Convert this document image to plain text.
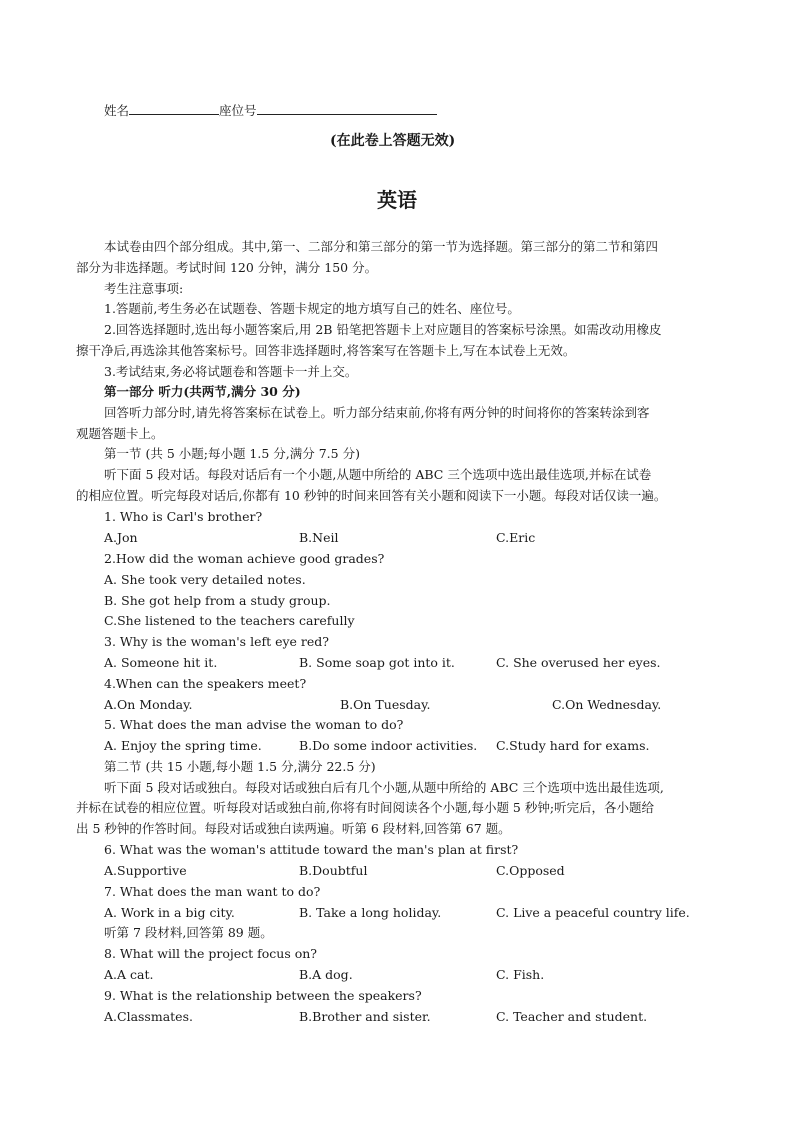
姓名	座位号
(在此卷上答题无效)
英语
本试卷由四个部分组成。其中,第一、二部分和第三部分的第一节为选择题。第三部分的第二节和第四
部分为非选择题。考试时间 120 分钟，满分 150 分。
考生注意事项:
1.答题前,考生务必在试题卷、答题卡规定的地方填写自己的姓名、座位号。
2.回答选择题时,选出每小题答案后,用 2B 铅笔把答题卡上对应题目的答案标号涂黑。如需改动用橡皮
擦干净后,再选涂其他答案标号。回答非选择题时,将答案写在答题卡上,写在本试卷上无效。
3.考试结束,务必将试题卷和答题卡一并上交。
第一部分 听力(共两节,满分 30 分)
回答听力部分时,请先将答案标在试卷上。听力部分结束前,你将有两分钟的时间将你的答案转涂到客
观题答题卡上。
第一节 (共 5 小题;每小题 1.5 分,满分 7.5 分)
听下面 5 段对话。每段对话后有一个小题,从题中所给的 ABC 三个选项中选出最佳选项,并标在试卷
的相应位置。听完每段对话后,你都有 10 秒钟的时间来回答有关小题和阅读下一小题。每段对话仅读一遍。
1. Who is Carl's brother?
A.Jon	B.Neil	C.Eric
2.How did the woman achieve good grades?
A. She took very detailed notes.
B. She got help from a study group.
C.She listened to the teachers carefully
3. Why is the woman's left eye red?
A. Someone hit it.	B. Some soap got into it.	C. She overused her eyes.
4.When can the speakers meet?
A.On Monday.	B.On Tuesday.	C.On Wednesday.
5. What does the man advise the woman to do?
A. Enjoy the spring time.	B.Do some indoor activities. C.Study hard for exams.
第二节 (共 15 小题,每小题 1.5 分,满分 22.5 分)
听下面 5 段对话或独白。每段对话或独白后有几个小题,从题中所给的 ABC 三个选项中选出最佳选项,
并标在试卷的相应位置。听每段对话或独白前,你将有时间阅读各个小题,每小题 5 秒钟;听完后，各小题给
出 5 秒钟的作答时间。每段对话或独白读两遍。听第 6 段材料,回答第 67 题。
6. What was the woman's attitude toward the man's plan at first?
A.Supportive	B.Doubtful	C.Opposed
7. What does the man want to do?
A. Work in a big city.	B. Take a long holiday.	C. Live a peaceful country life.
听第 7 段材料,回答第 89 题。
8. What will the project focus on?
A.A cat.	B.A dog.	C. Fish.
9. What is the relationship between the speakers?
A.Classmates.	B.Brother and sister.	C. Teacher and student.
